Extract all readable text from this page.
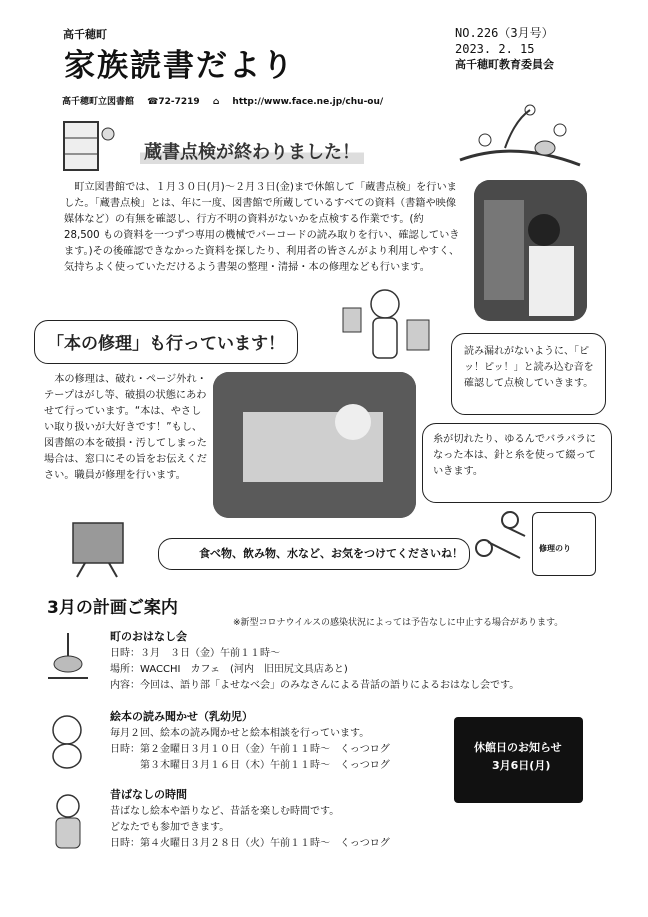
高千穂町
家族読書だより
高千穂町立図書館 ☎72-7219 ⌂ http://www.face.ne.jp/chu-ou/
NO.226（3月号）
2023. 2. 15
高千穂町教育委員会
蔵書点検が終わりました！
町立図書館では、１月３０日(月)～２月３日(金)まで休館して「蔵書点検」を行いました。「蔵書点検」とは、年に一度、図書館で所蔵しているすべての資料（書籍や映像媒体など）の有無を確認し、行方不明の資料がないかを点検する作業です。(約 28,500 もの資料を一つずつ専用の機械でバーコードの読み取りを行い、確認していきます。)その後確認できなかった資料を探したり、利用者の皆さんがより利用しやすく、気持ちよく使っていただけるよう書架の整理・清掃・本の修理なども行います。
「本の修理」も行っています！	読み漏れがないように、「ピッ！ピッ！」と読み込む音を確認して点検していきます。
本の修理は、破れ・ページ外れ・テープはがし等、破損の状態にあわせて行っています。“本は、やさしい取り扱いが大好きです！”もし、図書館の本を破損・汚してしまった場合は、窓口にその旨をお伝えください。職員が修理を行います。
糸が切れたり、ゆるんでバラバラになった本は、針と糸を使って綴っていきます。
食べ物、飲み物、水など、お気をつけてくださいね！	修理のり
3月の計画ご案内
※新型コロナウイルスの感染状況によっては予告なしに中止する場合があります。
町のおはなし会
日時：３月　３日（金）午前１１時～
場所：WACCHI　カフェ　(河内　旧田尻文具店あと)
内容：今回は、語り部「よせなべ会」のみなさんによる昔話の語りによるおはなし会です。
絵本の読み聞かせ（乳幼児）
毎月２回、絵本の読み聞かせと絵本相談を行っています。
日時：第２金曜日３月１０日（金）午前１１時～　くっつログ
　　　第３木曜日３月１６日（木）午前１１時～　くっつログ
休館日のお知らせ
3月6日(月)
昔ばなしの時間
昔ばなし絵本や語りなど、昔話を楽しむ時間です。
どなたでも参加できます。
日時：第４火曜日３月２８日（火）午前１１時～　くっつログ
